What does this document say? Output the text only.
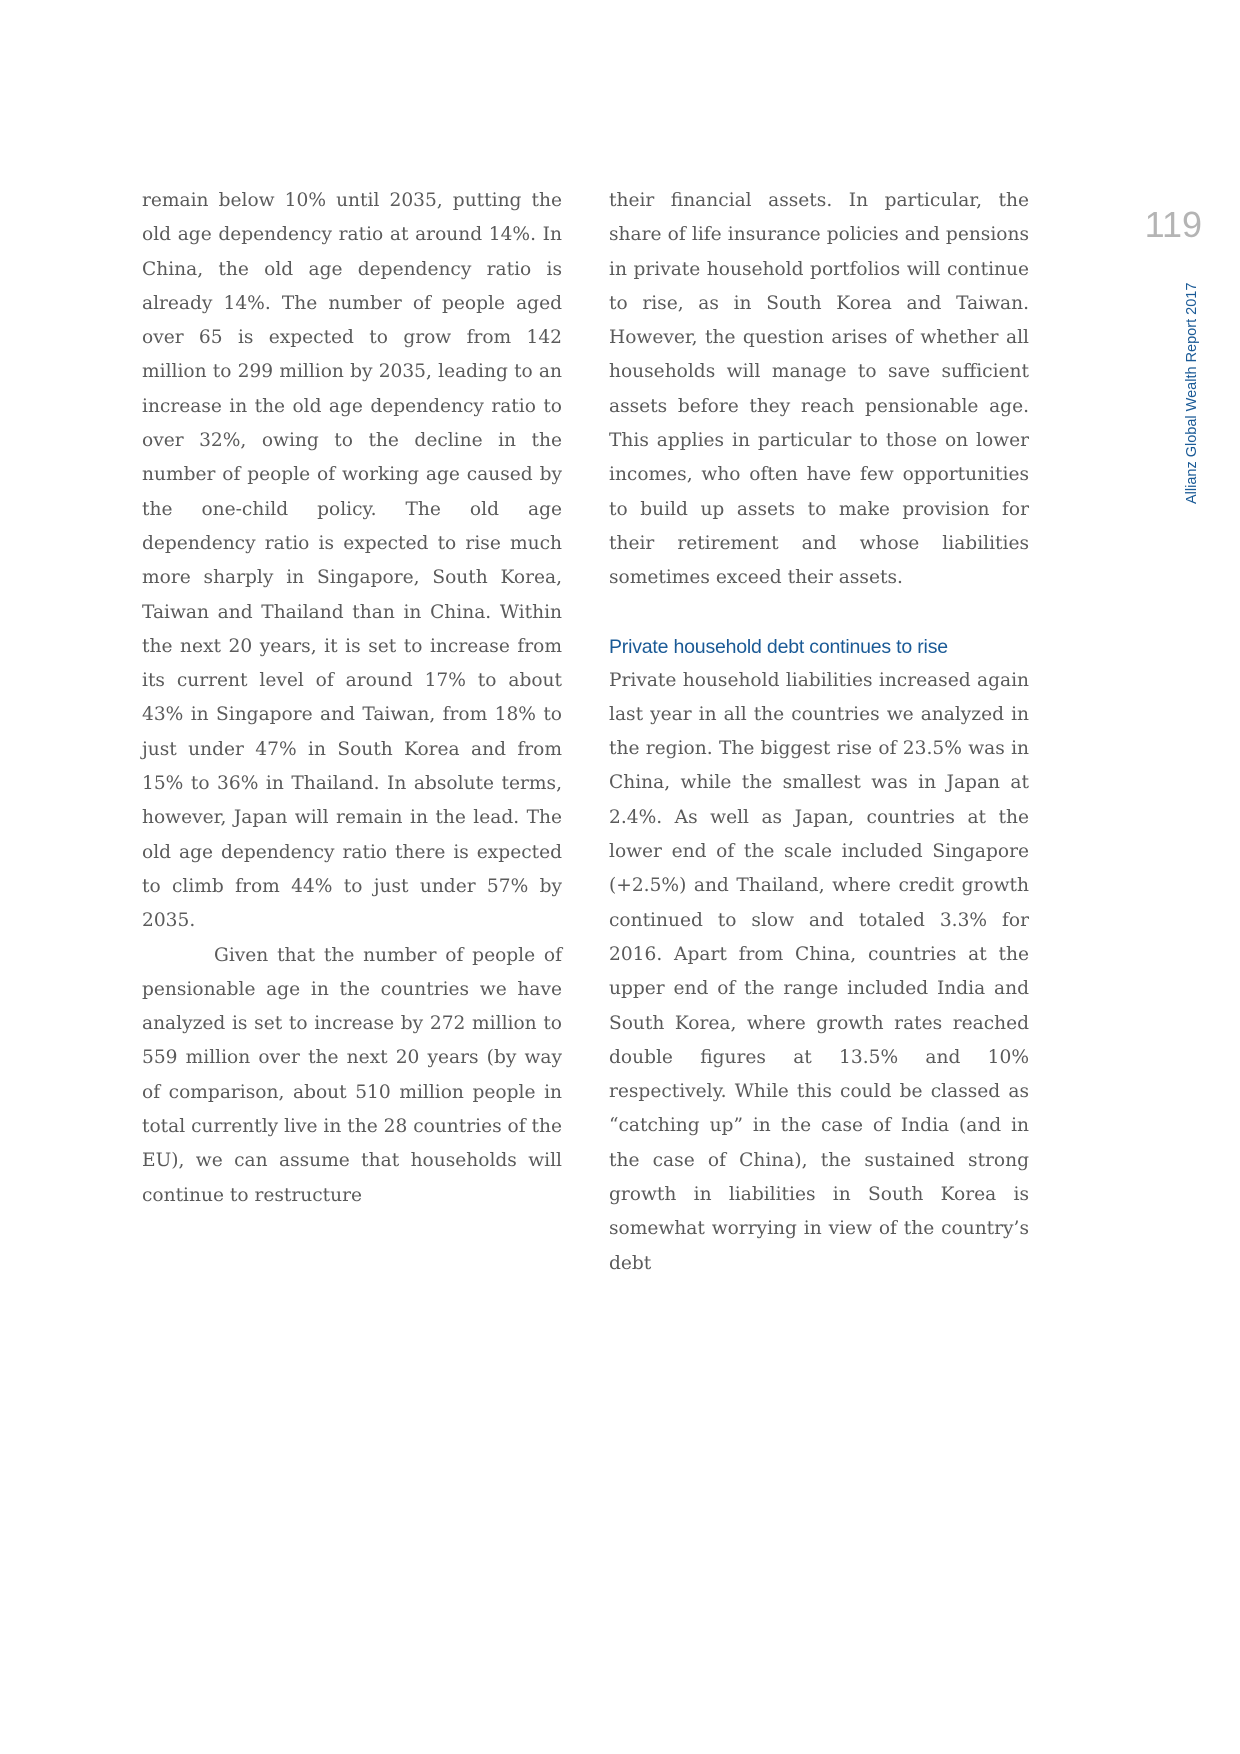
119

Allianz Global Wealth Report 2017

remain below 10% until 2035, putting the old age dependency ratio at around 14%. In China, the old age dependency ratio is already 14%. The number of people aged over 65 is expected to grow from 142 million to 299 million by 2035, leading to an increase in the old age dependency ratio to over 32%, owing to the decline in the number of people of working age caused by the one-child policy. The old age dependency ratio is expected to rise much more sharply in Singapore, South Korea, Taiwan and Thailand than in China. Within the next 20 years, it is set to increase from its current level of around 17% to about 43% in Singapore and Taiwan, from 18% to just under 47% in South Korea and from 15% to 36% in Thailand. In absolute terms, however, Japan will remain in the lead. The old age dependency ratio there is expected to climb from 44% to just under 57% by 2035.

Given that the number of people of pensionable age in the countries we have analyzed is set to increase by 272 million to 559 million over the next 20 years (by way of comparison, about 510 million people in total currently live in the 28 countries of the EU), we can assume that households will continue to restructure

their financial assets. In particular, the share of life insurance policies and pensions in private household portfolios will continue to rise, as in South Korea and Taiwan. However, the question arises of whether all households will manage to save sufficient assets before they reach pensionable age. This applies in particular to those on lower incomes, who often have few opportunities to build up assets to make provision for their retirement and whose liabilities sometimes exceed their assets.

Private household debt continues to rise

Private household liabilities increased again last year in all the countries we analyzed in the region. The biggest rise of 23.5% was in China, while the smallest was in Japan at 2.4%. As well as Japan, countries at the lower end of the scale included Singapore (+2.5%) and Thailand, where credit growth continued to slow and totaled 3.3% for 2016. Apart from China, countries at the upper end of the range included India and South Korea, where growth rates reached double figures at 13.5% and 10% respectively. While this could be classed as “catching up” in the case of India (and in the case of China), the sustained strong growth in liabilities in South Korea is somewhat worrying in view of the country’s debt
